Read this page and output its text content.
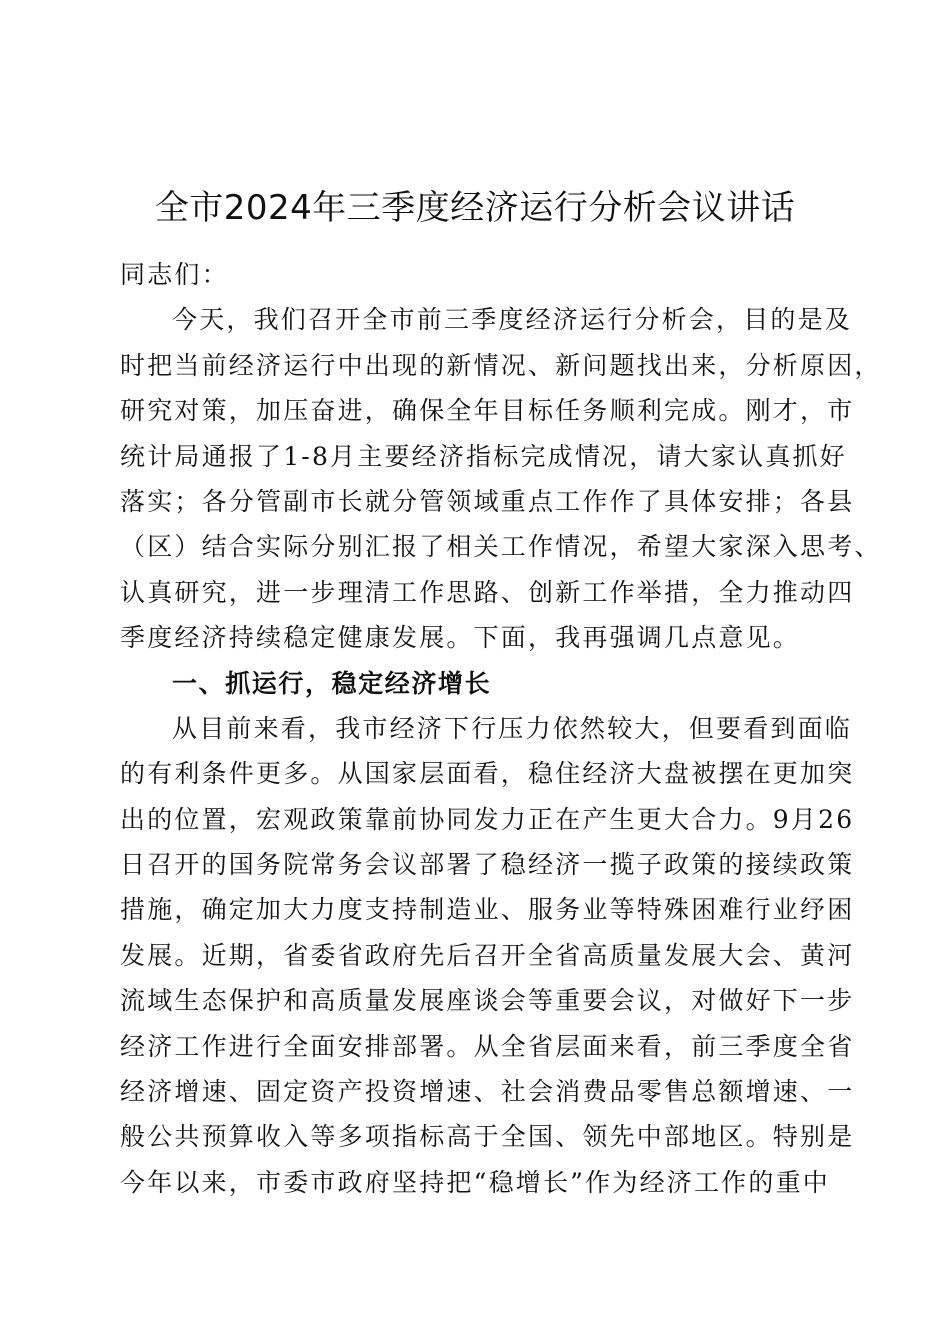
全市2024年三季度经济运行分析会议讲话

同志们：

今天，我们召开全市前三季度经济运行分析会，目的是及

时把当前经济运行中出现的新情况、新问题找出来，分析原因，

研究对策，加压奋进，确保全年目标任务顺利完成。刚才，市

统计局通报了1-8月主要经济指标完成情况，请大家认真抓好

落实；各分管副市长就分管领域重点工作作了具体安排；各县

（区）结合实际分别汇报了相关工作情况，希望大家深入思考、

认真研究，进一步理清工作思路、创新工作举措，全力推动四

季度经济持续稳定健康发展。下面，我再强调几点意见。

一、抓运行，稳定经济增长

从目前来看，我市经济下行压力依然较大，但要看到面临

的有利条件更多。从国家层面看，稳住经济大盘被摆在更加突

出的位置，宏观政策靠前协同发力正在产生更大合力。9月26

日召开的国务院常务会议部署了稳经济一揽子政策的接续政策

措施，确定加大力度支持制造业、服务业等特殊困难行业纾困

发展。近期，省委省政府先后召开全省高质量发展大会、黄河

流域生态保护和高质量发展座谈会等重要会议，对做好下一步

经济工作进行全面安排部署。从全省层面来看，前三季度全省

经济增速、固定资产投资增速、社会消费品零售总额增速、一

般公共预算收入等多项指标高于全国、领先中部地区。特别是

今年以来，市委市政府坚持把“稳增长”作为经济工作的重中
